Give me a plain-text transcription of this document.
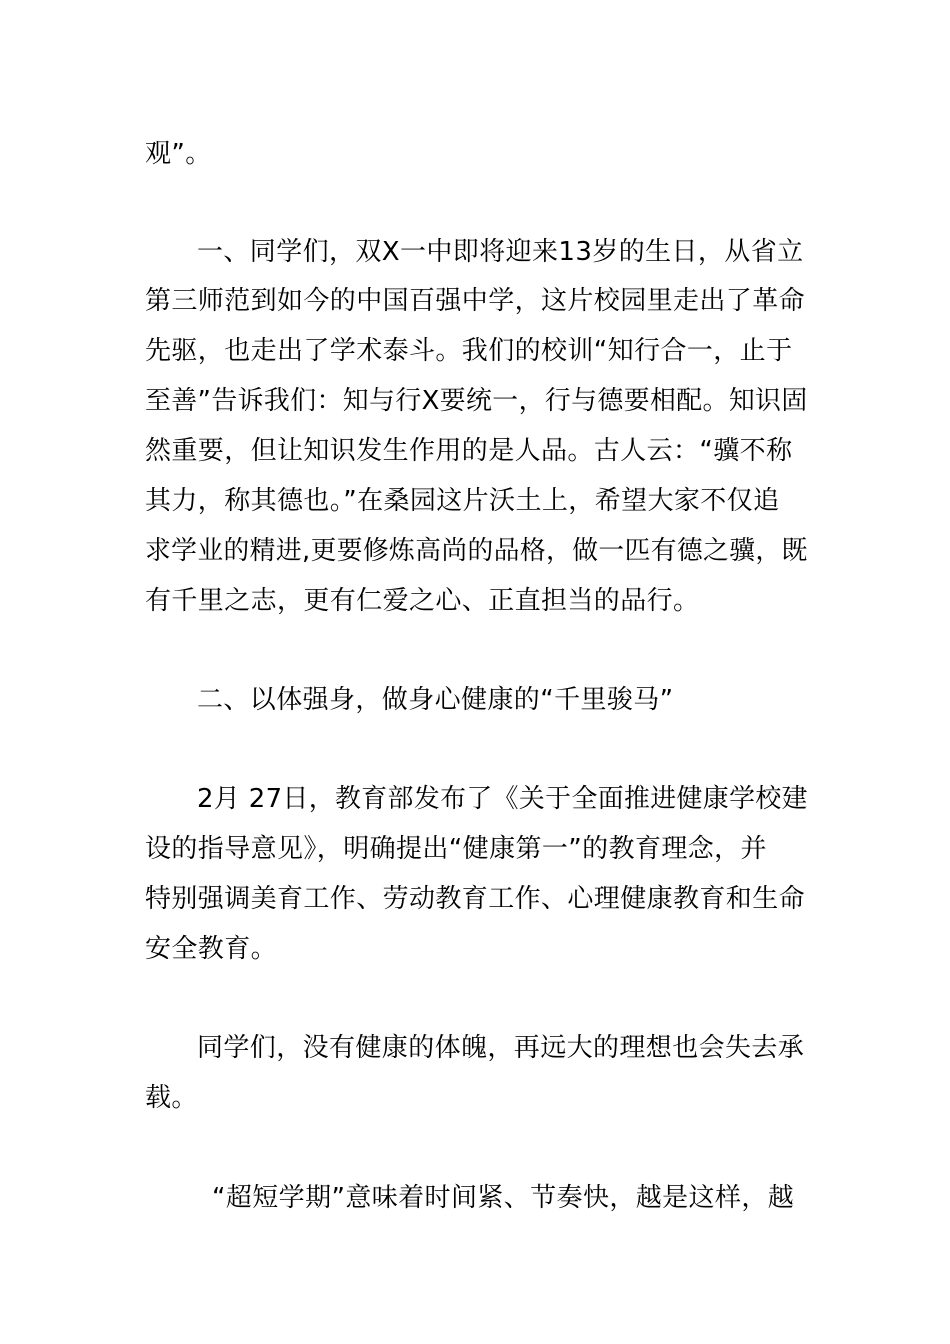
观”。
一、同学们，双X一中即将迎来13岁的生日，从省立
第三师范到如今的中国百强中学，这片校园里走出了革命
先驱，也走出了学术泰斗。我们的校训“知行合一，止于
至善”告诉我们：知与行X要统一，行与德要相配。知识固
然重要，但让知识发生作用的是人品。古人云：“骥不称
其力，称其德也。”在桑园这片沃土上，希望大家不仅追
求学业的精进,更要修炼高尚的品格，做一匹有德之骥，既
有千里之志，更有仁爱之心、正直担当的品行。
二、以体强身，做身心健康的“千里骏马”
2月 27日，教育部发布了《关于全面推进健康学校建
设的指导意见》，明确提出“健康第一”的教育理念，并
特别强调美育工作、劳动教育工作、心理健康教育和生命
安全教育。
同学们，没有健康的体魄，再远大的理想也会失去承
载。
“超短学期”意味着时间紧、节奏快，越是这样，越
